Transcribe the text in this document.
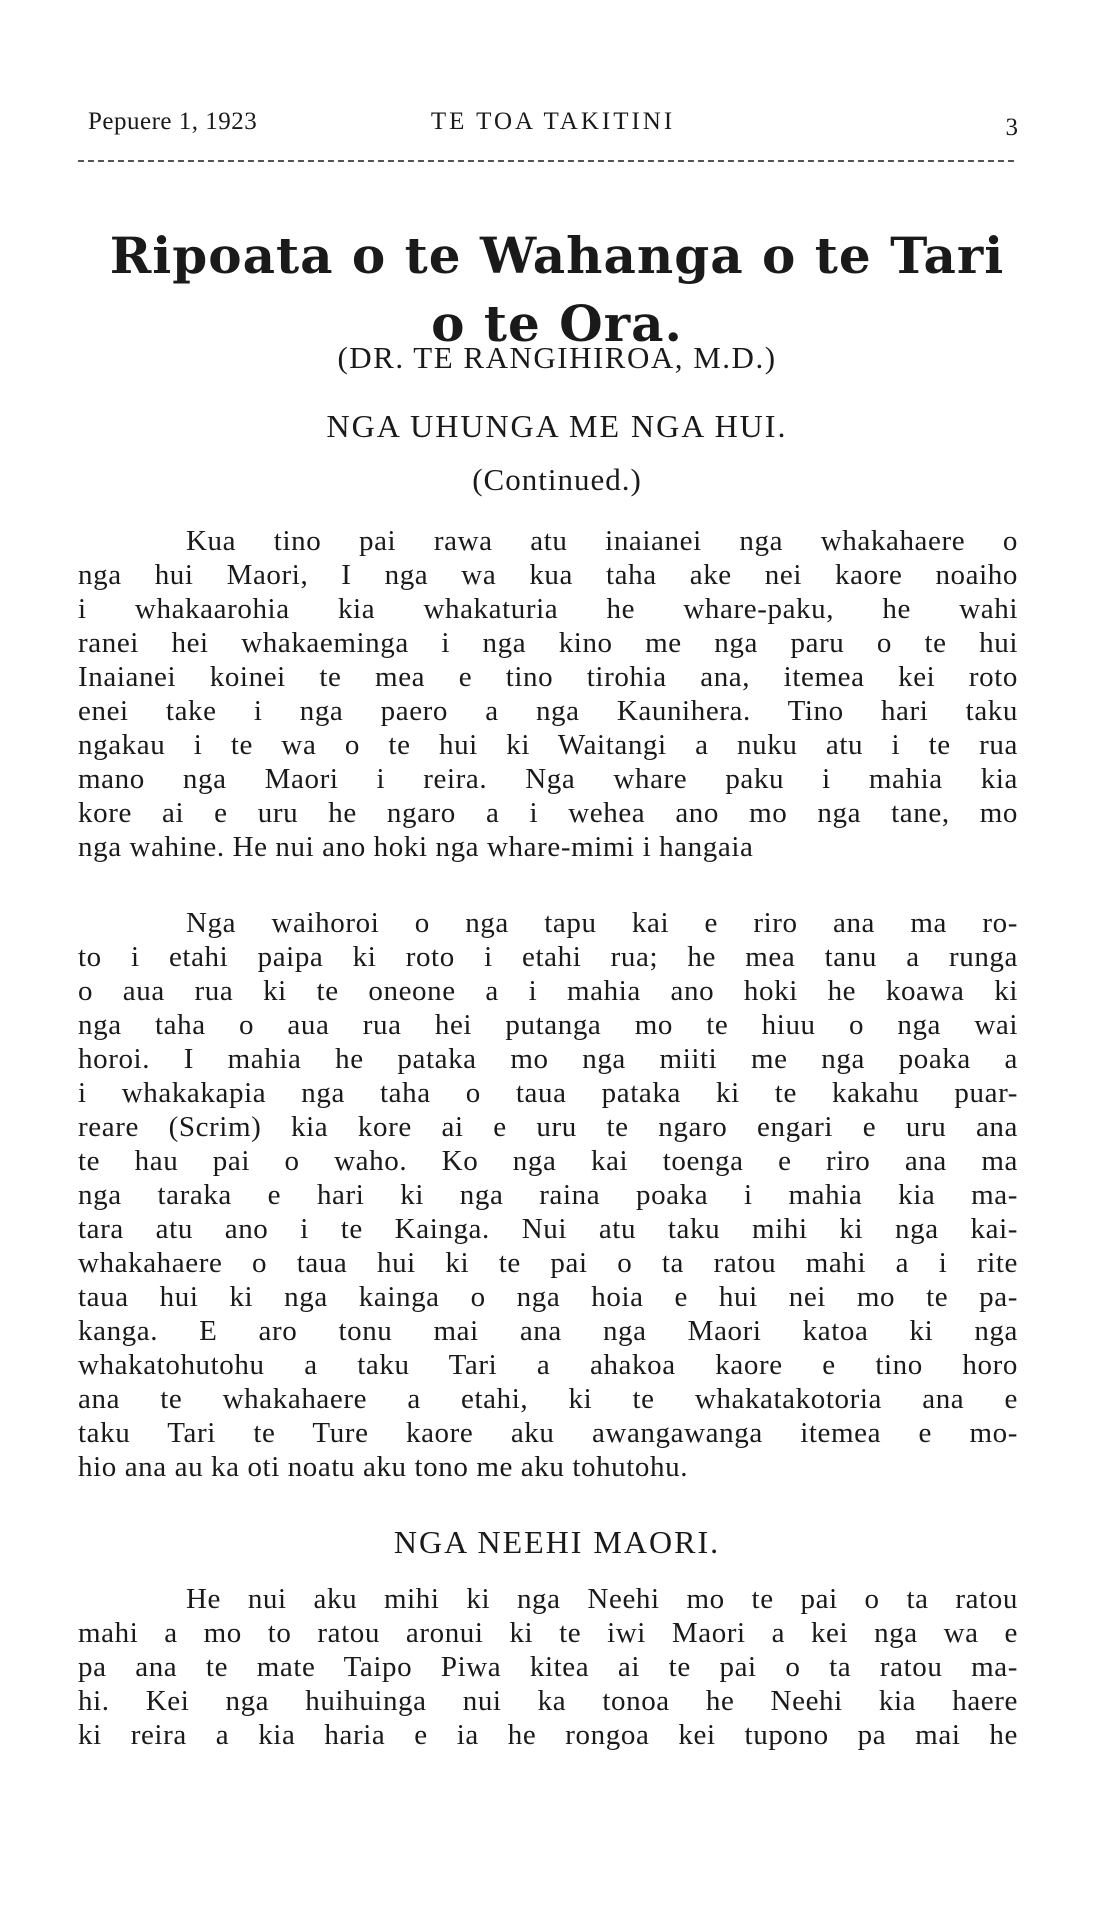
Pepuere 1, 1923	TE TOA TAKITINI	3
Ripoata o te Wahanga o te Tari o te Ora.
(DR. TE RANGIHIROA, M.D.)
NGA UHUNGA ME NGA HUI.
(Continued.)
Kua tino pai rawa atu inaianei nga whakahaere o
nga hui Maori, I nga wa kua taha ake nei kaore noaiho
i whakaarohia kia whakaturia he whare-paku, he wahi
ranei hei whakaeminga i nga kino me nga paru o te hui
Inaianei koinei te mea e tino tirohia ana, itemea kei roto
enei take i nga paero a nga Kaunihera. Tino hari taku
ngakau i te wa o te hui ki Waitangi a nuku atu i te rua
mano nga Maori i reira. Nga whare paku i mahia kia
kore ai e uru he ngaro a i wehea ano mo nga tane, mo
nga wahine. He nui ano hoki nga whare-mimi i hangaia
Nga waihoroi o nga tapu kai e riro ana ma ro-
to i etahi paipa ki roto i etahi rua; he mea tanu a runga
o aua rua ki te oneone a i mahia ano hoki he koawa ki
nga taha o aua rua hei putanga mo te hiuu o nga wai
horoi. I mahia he pataka mo nga miiti me nga poaka a
i whakakapia nga taha o taua pataka ki te kakahu puar-
reare (Scrim) kia kore ai e uru te ngaro engari e uru ana
te hau pai o waho. Ko nga kai toenga e riro ana ma
nga taraka e hari ki nga raina poaka i mahia kia ma-
tara atu ano i te Kainga. Nui atu taku mihi ki nga kai-
whakahaere o taua hui ki te pai o ta ratou mahi a i rite
taua hui ki nga kainga o nga hoia e hui nei mo te pa-
kanga. E aro tonu mai ana nga Maori katoa ki nga
whakatohutohu a taku Tari a ahakoa kaore e tino horo
ana te whakahaere a etahi, ki te whakatakotoria ana e
taku Tari te Ture kaore aku awangawanga itemea e mo-
hio ana au ka oti noatu aku tono me aku tohutohu.
NGA NEEHI MAORI.
He nui aku mihi ki nga Neehi mo te pai o ta ratou
mahi a mo to ratou aronui ki te iwi Maori a kei nga wa e
pa ana te mate Taipo Piwa kitea ai te pai o ta ratou ma-
hi. Kei nga huihuinga nui ka tonoa he Neehi kia haere
ki reira a kia haria e ia he rongoa kei tupono pa mai he
